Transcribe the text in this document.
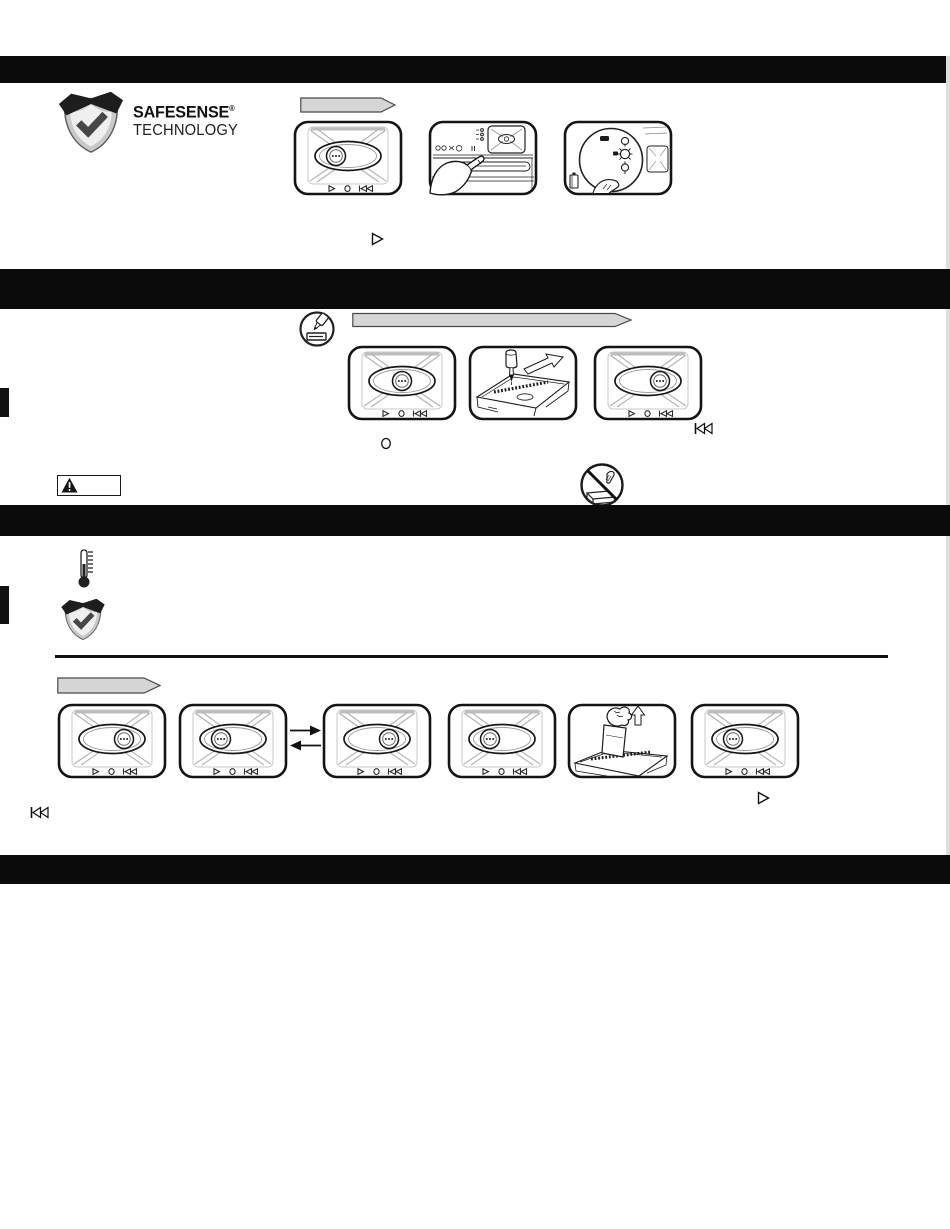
SAFESENSE®
TECHNOLOGY
